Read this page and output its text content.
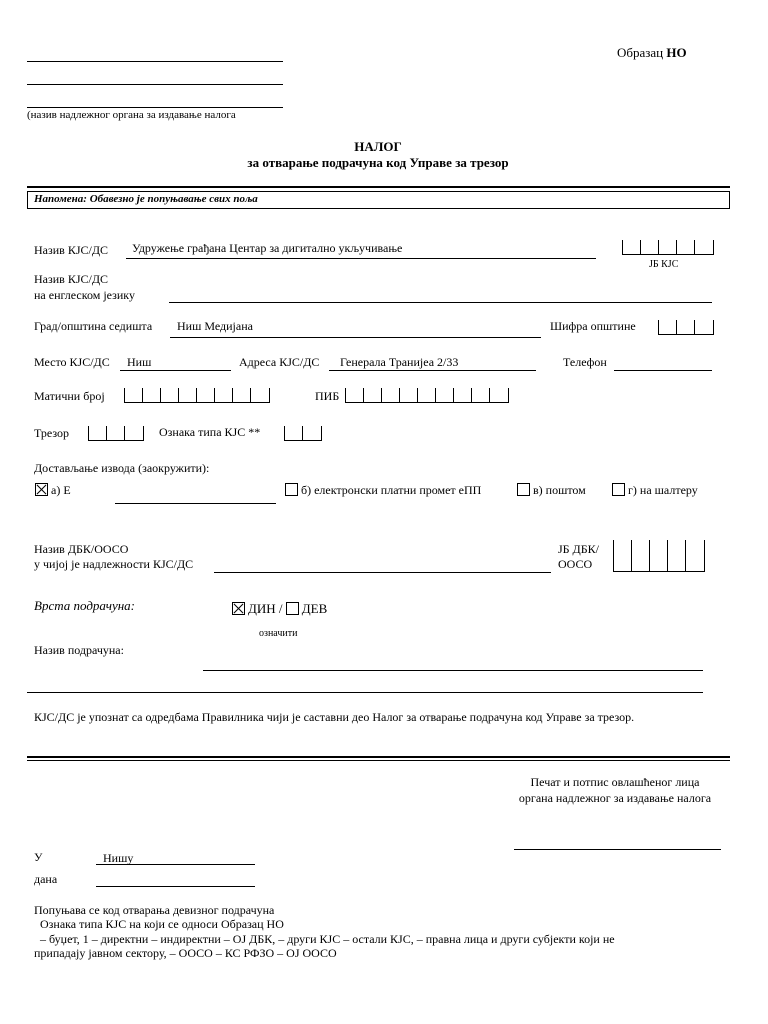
(назив надлежног органа за издавање налога
Образац НО
НАЛОГ
за отварање подрачуна код Управе за трезор
Напомена: Обавезно је попуњавање свих поља
Назив КЈС/ДС Удружење грађана Центар за дигитално укључивање
ЈБ КЈС
Назив КЈС/ДС
на енглеском језику
Град/општина седишта Ниш Медијана	Шифра општине
Место КЈС/ДС Ниш	Адреса КЈС/ДС Генерала Транијеа 2/33	Телефон
Матични број	ПИБ
Трезор	Ознака типа КЈС **
Достављање извода (заокружити):
а) Е	б) електронски платни промет еПП	в) поштом	г) на шалтеру
Назив ДБК/ООСО
у чијој је надлежности КЈС/ДС
ЈБ ДБК/
ООСО
Врста подрачуна:	ДИН / ДЕВ
означити
Назив подрачуна:
КЈС/ДС је упознат са одредбама Правилника чији је саставни део Налог за отварање подрачуна код Управе за трезор.
Печат и потпис овлашћеног лица
органа надлежног за издавање налога
У	Нишу
дана
Попуњава се код отварања девизног подрачуна
Ознака типа КЈС на који се односи Образац НО
– буџет, 1 – директни – индиректни – ОЈ ДБК, – други КЈС – остали КЈС, – правна лица и други субјекти који не
припадају јавном сектору, – ООСО – КС РФЗО – ОЈ ООСО
